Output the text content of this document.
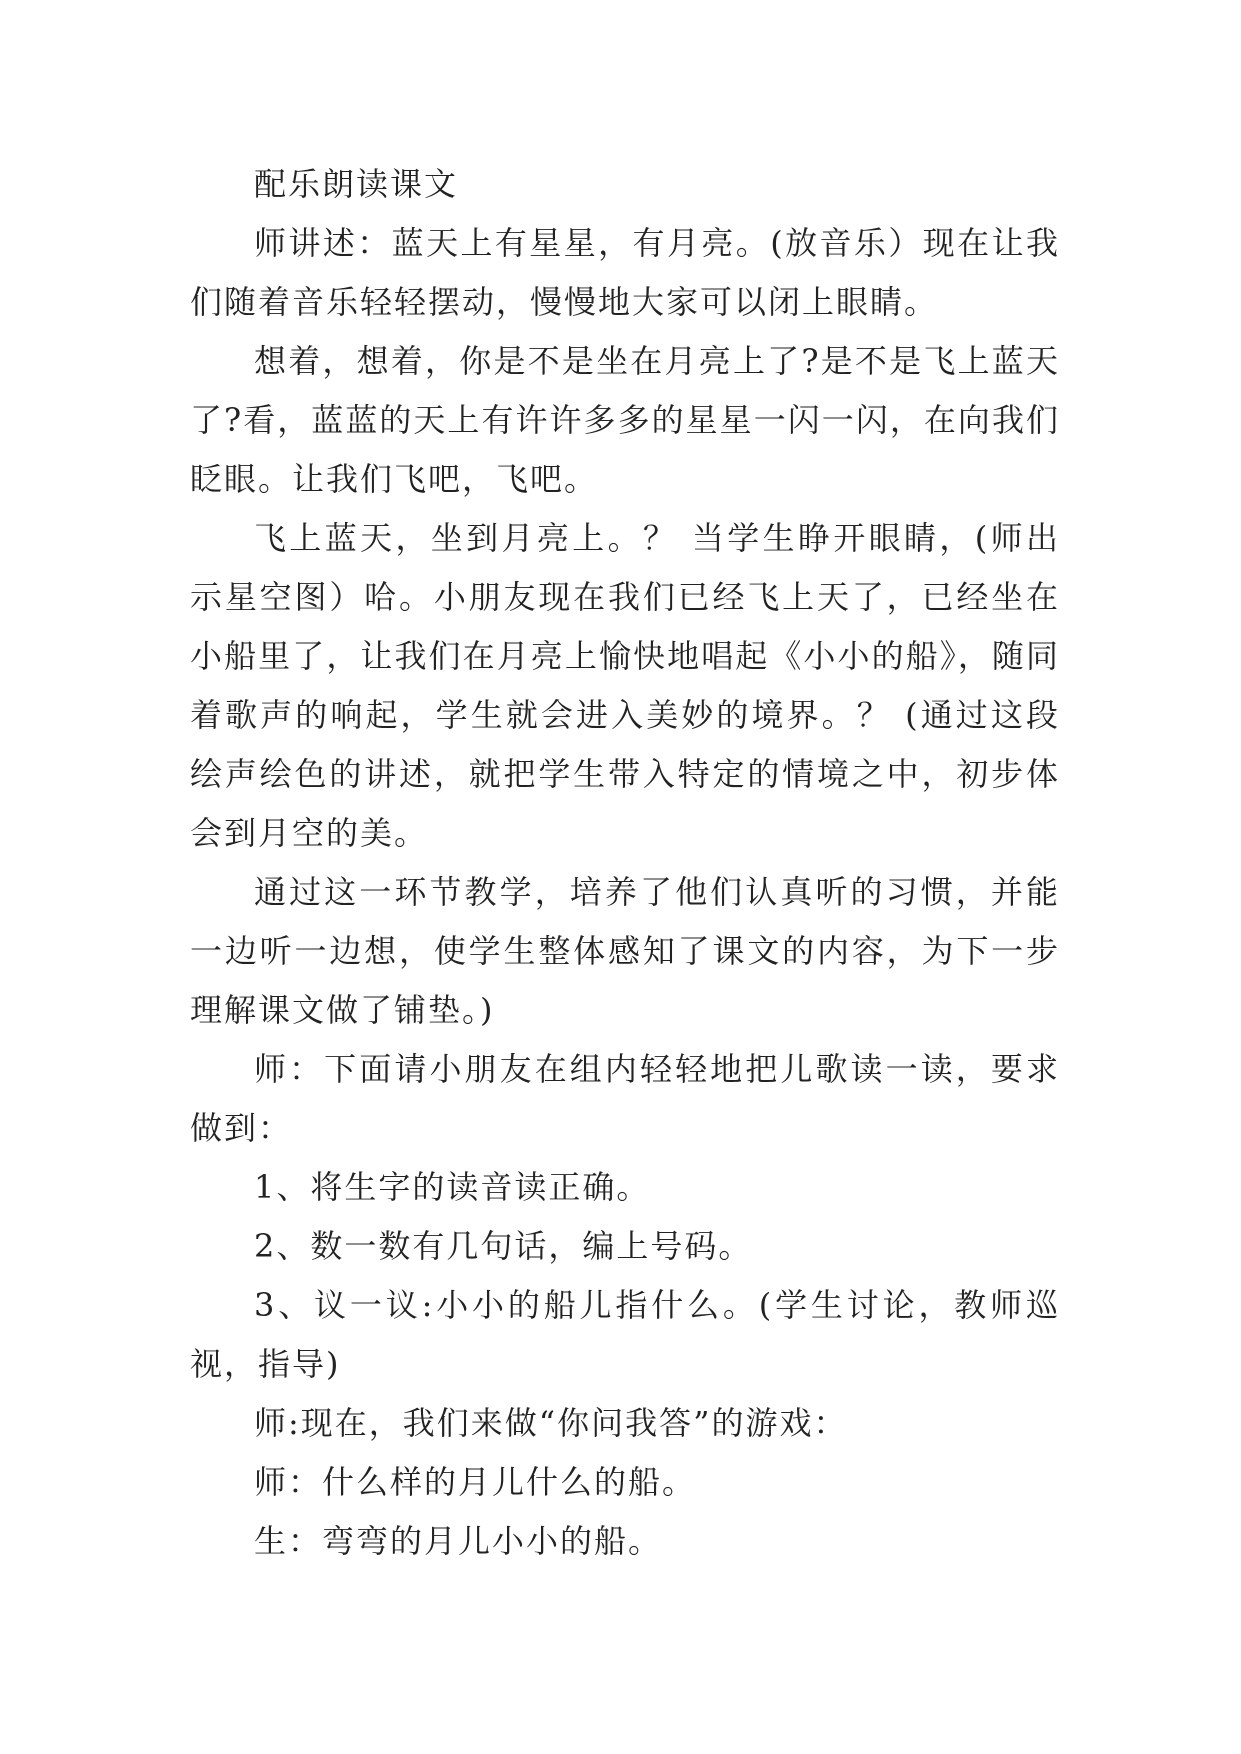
配乐朗读课文

师讲述：蓝天上有星星，有月亮。(放音乐）现在让我们随着音乐轻轻摆动，慢慢地大家可以闭上眼睛。

想着，想着，你是不是坐在月亮上了?是不是飞上蓝天了?看，蓝蓝的天上有许许多多的星星一闪一闪，在向我们眨眼。让我们飞吧，飞吧。

飞上蓝天，坐到月亮上。？ 当学生睁开眼睛，(师出示星空图）哈。小朋友现在我们已经飞上天了，已经坐在小船里了，让我们在月亮上愉快地唱起《小小的船》，随同着歌声的响起，学生就会进入美妙的境界。？ (通过这段绘声绘色的讲述，就把学生带入特定的情境之中，初步体会到月空的美。

通过这一环节教学，培养了他们认真听的习惯，并能一边听一边想，使学生整体感知了课文的内容，为下一步理解课文做了铺垫。)

师：下面请小朋友在组内轻轻地把儿歌读一读，要求做到：

1、将生字的读音读正确。

2、数一数有几句话，编上号码。

3、议一议:小小的船儿指什么。(学生讨论，教师巡视，指导)

师:现在，我们来做“你问我答”的游戏：

师：什么样的月儿什么的船。

生：弯弯的月儿小小的船。
